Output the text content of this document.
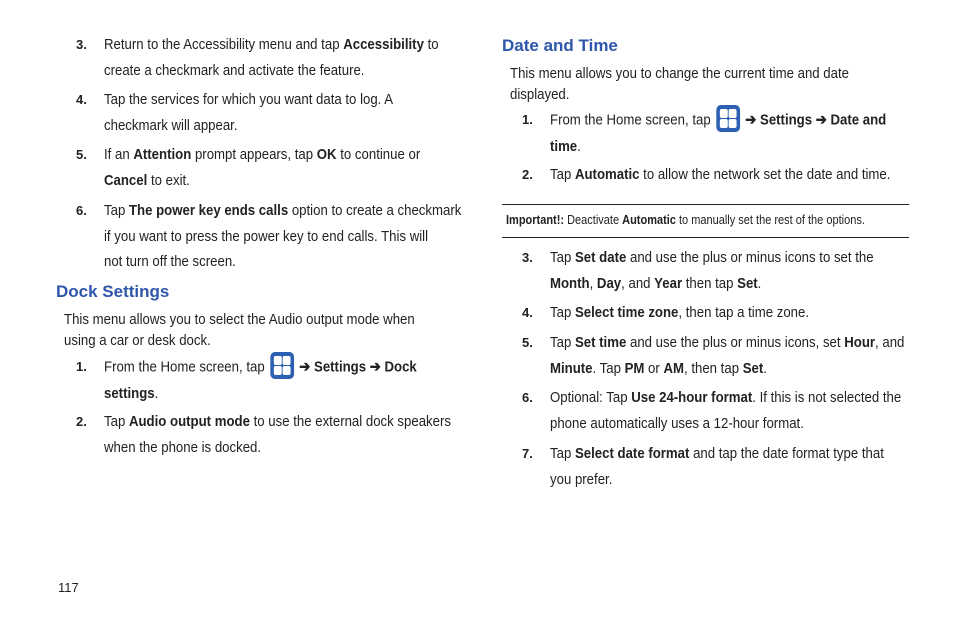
3. Return to the Accessibility menu and tap Accessibility to
create a checkmark and activate the feature.
4. Tap the services for which you want data to log. A
checkmark will appear.
5. If an Attention prompt appears, tap OK to continue or
Cancel to exit.
6. Tap The power key ends calls option to create a checkmark
if you want to press the power key to end calls. This will
not turn off the screen.
Dock Settings
This menu allows you to select the Audio output mode when
using a car or desk dock.
1. From the Home screen, tap
➔ Settings ➔ Dock
settings.
2. Tap Audio output mode to use the external dock speakers
when the phone is docked.
Date and Time
This menu allows you to change the current time and date
displayed.
1. From the Home screen, tap
➔ Settings ➔ Date and
time.
2. Tap Automatic to allow the network set the date and time.
3. Tap Set date and use the plus or minus icons to set the
Month, Day, and Year then tap Set.
4. Tap Select time zone, then tap a time zone.
5. Tap Set time and use the plus or minus icons, set Hour, and
Minute. Tap PM or AM, then tap Set.
6. Optional: Tap Use 24-hour format. If this is not selected the
phone automatically uses a 12-hour format.
7. Tap Select date format and tap the date format type that
you prefer.
Important!: Deactivate Automatic to manually set the rest of the options.
117
